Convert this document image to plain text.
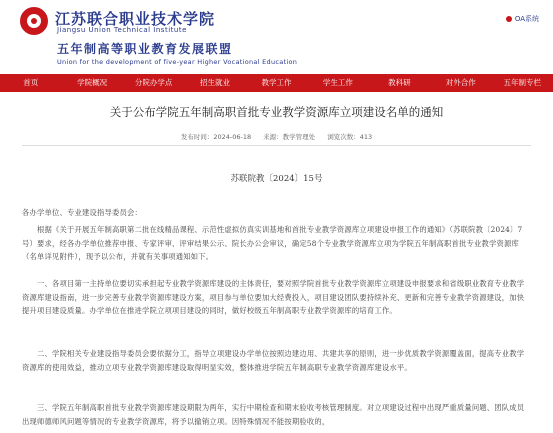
江苏联合职业技术学院
Jiangsu Union Technical Institute
五年制高等职业教育发展联盟
Union for the development of five-year Higher Vocational Education
OA系统
首页	学院概况	分院办学点	招生就业	教学工作	学生工作	教科研	对外合作	五年制专栏
关于公布学院五年制高职首批专业教学资源库立项建设名单的通知
发布时间：2024-06-18 来源：教学管理处 浏览次数：413
苏联院教〔2024〕15号
各办学单位、专业建设指导委员会：
根据《关于开展五年制高职第二批在线精品课程、示范性虚拟仿真实训基地和首批专业教学资源库立项建设申报工作的通知》（苏联院教〔2024〕7号）要求，经各办学单位推荐申报、专家评审、评审结果公示、院长办公会审议，确定58个专业教学资源库立项为学院五年制高职首批专业教学资源库（名单详见附件），现予以公布，并就有关事项通知如下。
一、各项目第一主持单位要切实承担起专业教学资源库建设的主体责任，要对照学院首批专业教学资源库立项建设申报要求和省级职业教育专业教学资源库建设指南，进一步完善专业教学资源库建设方案，项目参与单位要加大经费投入，项目建设团队要持续补充、更新和完善专业教学资源建设，加快提升项目建设质量。办学单位在推进学院立项项目建设的同时，做好校级五年制高职专业教学资源库的培育工作。
二、学院相关专业建设指导委员会要依据分工，指导立项建设办学单位按照边建边用、共建共享的原则，进一步优质教学资源覆盖面，提高专业教学资源库的使用效益，推动立项专业教学资源库建设取得明显实效，整体推进学院五年制高职专业教学资源库建设水平。
三、学院五年制高职首批专业教学资源库建设期限为两年，实行中期检查和期末验收考核管理制度。对立项建设过程中出现严重质量问题、团队成员出现师德师风问题等情况的专业教学资源库，将予以撤销立项。因特殊情况不能按期验收的，
